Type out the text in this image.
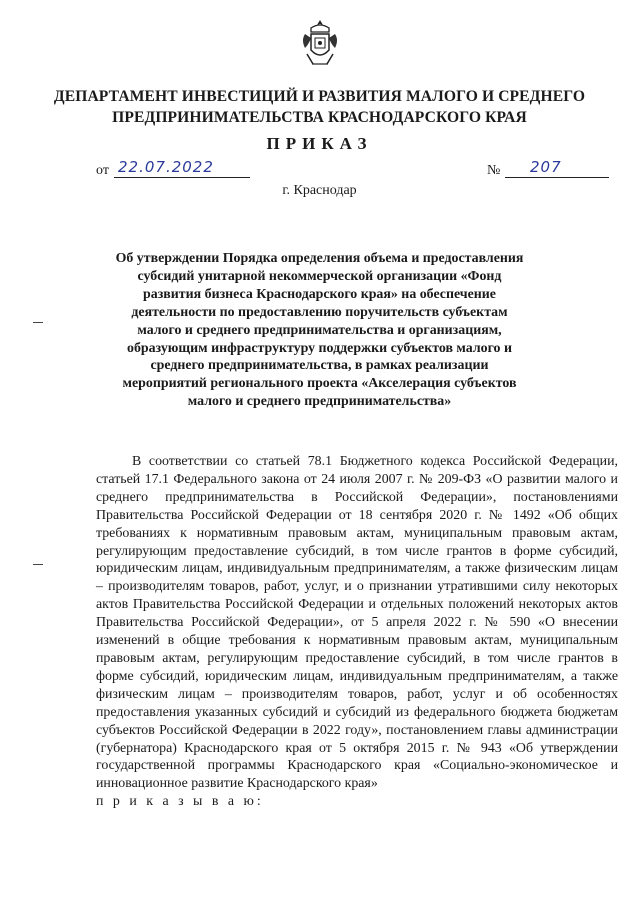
ДЕПАРТАМЕНТ ИНВЕСТИЦИЙ И РАЗВИТИЯ МАЛОГО И СРЕДНЕГО ПРЕДПРИНИМАТЕЛЬСТВА КРАСНОДАРСКОГО КРАЯ
ПРИКАЗ
от 22.07.2022	№ 207
г. Краснодар
Об утверждении Порядка определения объема и предоставления субсидий унитарной некоммерческой организации «Фонд развития бизнеса Краснодарского края» на обеспечение деятельности по предоставлению поручительств субъектам малого и среднего предпринимательства и организациям, образующим инфраструктуру поддержки субъектов малого и среднего предпринимательства, в рамках реализации мероприятий регионального проекта «Акселерация субъектов малого и среднего предпринимательства»

В соответствии со статьей 78.1 Бюджетного кодекса Российской Федерации, статьей 17.1 Федерального закона от 24 июля 2007 г. № 209-ФЗ «О развитии малого и среднего предпринимательства в Российской Федерации», постановлениями Правительства Российской Федерации от 18 сентября 2020 г. № 1492 «Об общих требованиях к нормативным правовым актам, муниципальным правовым актам, регулирующим предоставление субсидий, в том числе грантов в форме субсидий, юридическим лицам, индивидуальным предпринимателям, а также физическим лицам – производителям товаров, работ, услуг, и о признании утратившими силу некоторых актов Правительства Российской Федерации и отдельных положений некоторых актов Правительства Российской Федерации», от 5 апреля 2022 г. № 590 «О внесении изменений в общие требования к нормативным правовым актам, муниципальным правовым актам, регулирующим предоставление субсидий, в том числе грантов в форме субсидий, юридическим лицам, индивидуальным предпринимателям, а также физическим лицам – производителям товаров, работ, услуг и об особенностях предоставления указанных субсидий и субсидий из федерального бюджета бюджетам субъектов Российской Федерации в 2022 году», постановлением главы администрации (губернатора) Краснодарского края от 5 октября 2015 г. № 943 «Об утверждении государственной программы Краснодарского края «Социально-экономическое и инновационное развитие Краснодарского края»

п р и к а з ы в а ю:
